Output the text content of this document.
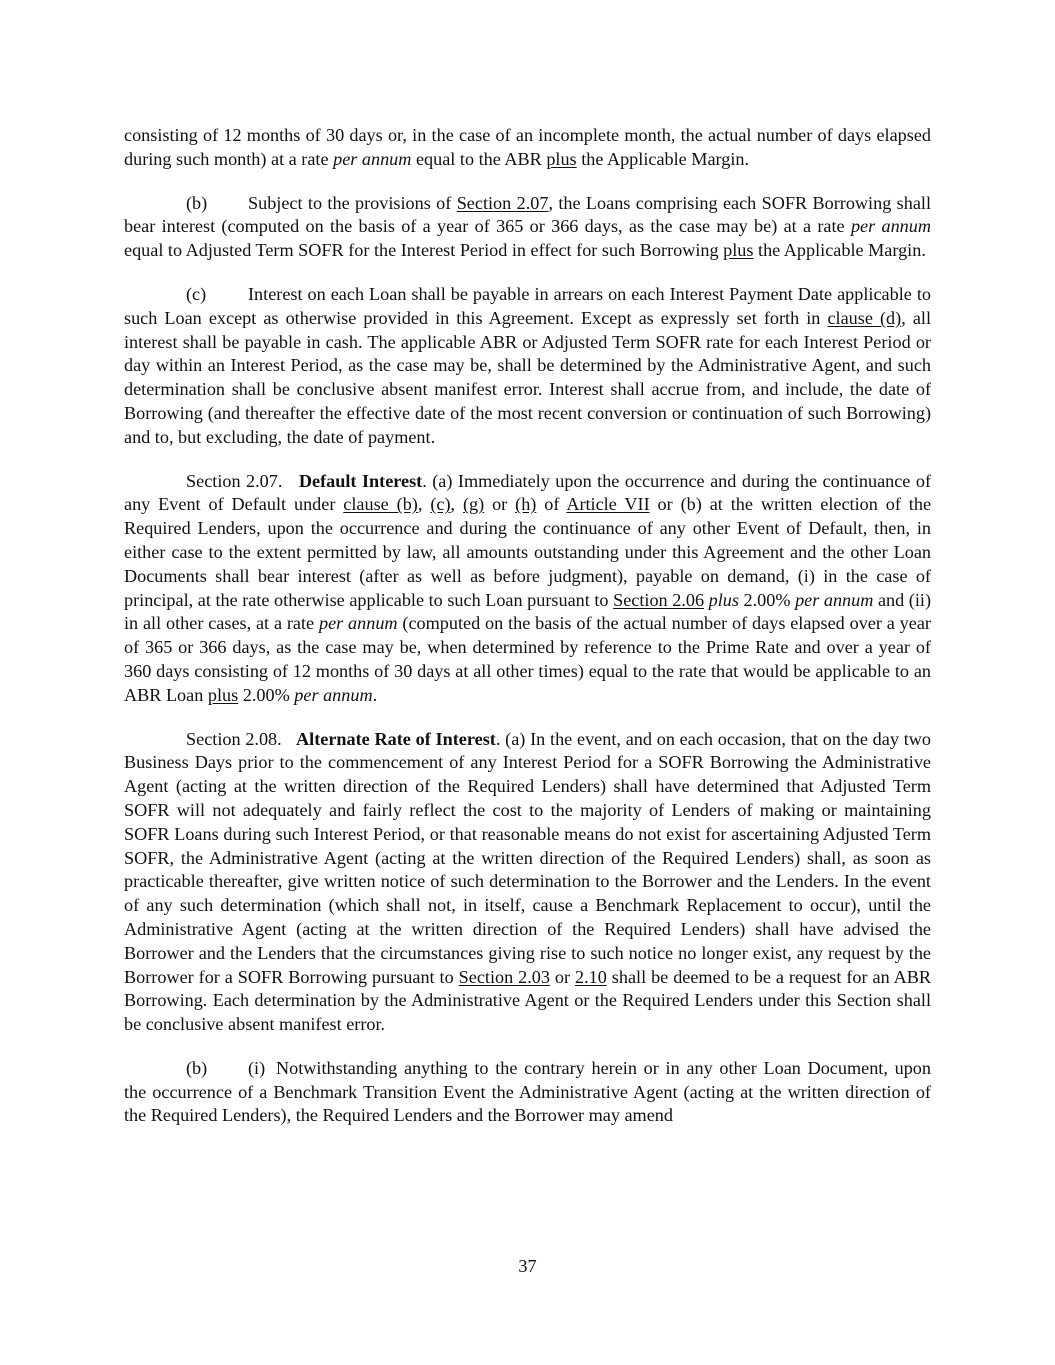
consisting of 12 months of 30 days or, in the case of an incomplete month, the actual number of days elapsed during such month) at a rate per annum equal to the ABR plus the Applicable Margin.

(b) Subject to the provisions of Section 2.07, the Loans comprising each SOFR Borrowing shall bear interest (computed on the basis of a year of 365 or 366 days, as the case may be) at a rate per annum equal to Adjusted Term SOFR for the Interest Period in effect for such Borrowing plus the Applicable Margin.

(c) Interest on each Loan shall be payable in arrears on each Interest Payment Date applicable to such Loan except as otherwise provided in this Agreement. Except as expressly set forth in clause (d), all interest shall be payable in cash. The applicable ABR or Adjusted Term SOFR rate for each Interest Period or day within an Interest Period, as the case may be, shall be determined by the Administrative Agent, and such determination shall be conclusive absent manifest error. Interest shall accrue from, and include, the date of Borrowing (and thereafter the effective date of the most recent conversion or continuation of such Borrowing) and to, but excluding, the date of payment.

Section 2.07. Default Interest. (a) Immediately upon the occurrence and during the continuance of any Event of Default under clause (b), (c), (g) or (h) of Article VII or (b) at the written election of the Required Lenders, upon the occurrence and during the continuance of any other Event of Default, then, in either case to the extent permitted by law, all amounts outstanding under this Agreement and the other Loan Documents shall bear interest (after as well as before judgment), payable on demand, (i) in the case of principal, at the rate otherwise applicable to such Loan pursuant to Section 2.06 plus 2.00% per annum and (ii) in all other cases, at a rate per annum (computed on the basis of the actual number of days elapsed over a year of 365 or 366 days, as the case may be, when determined by reference to the Prime Rate and over a year of 360 days consisting of 12 months of 30 days at all other times) equal to the rate that would be applicable to an ABR Loan plus 2.00% per annum.

Section 2.08. Alternate Rate of Interest. (a) In the event, and on each occasion, that on the day two Business Days prior to the commencement of any Interest Period for a SOFR Borrowing the Administrative Agent (acting at the written direction of the Required Lenders) shall have determined that Adjusted Term SOFR will not adequately and fairly reflect the cost to the majority of Lenders of making or maintaining SOFR Loans during such Interest Period, or that reasonable means do not exist for ascertaining Adjusted Term SOFR, the Administrative Agent (acting at the written direction of the Required Lenders) shall, as soon as practicable thereafter, give written notice of such determination to the Borrower and the Lenders. In the event of any such determination (which shall not, in itself, cause a Benchmark Replacement to occur), until the Administrative Agent (acting at the written direction of the Required Lenders) shall have advised the Borrower and the Lenders that the circumstances giving rise to such notice no longer exist, any request by the Borrower for a SOFR Borrowing pursuant to Section 2.03 or 2.10 shall be deemed to be a request for an ABR Borrowing. Each determination by the Administrative Agent or the Required Lenders under this Section shall be conclusive absent manifest error.

(b) (i) Notwithstanding anything to the contrary herein or in any other Loan Document, upon the occurrence of a Benchmark Transition Event the Administrative Agent (acting at the written direction of the Required Lenders), the Required Lenders and the Borrower may amend

37
